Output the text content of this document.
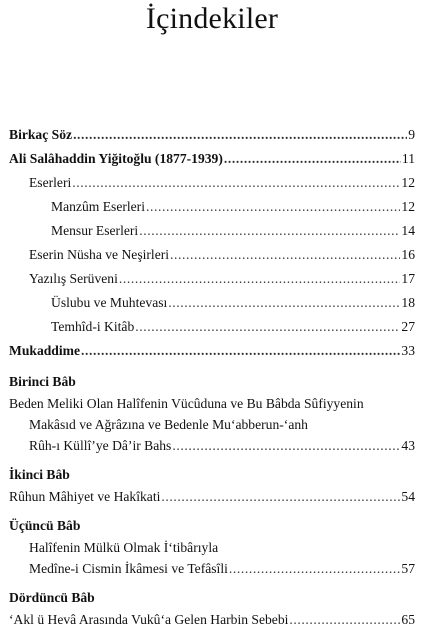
İçindekiler
Birkaç Söz .....	9
Ali Salâhaddin Yiğitoğlu (1877-1939) .....	11
Eserleri .....	12
Manzûm Eserleri .....	12
Mensur Eserleri .....	14
Eserin Nüsha ve Neşirleri .....	16
Yazılış Serüveni .....	17
Üslubu ve Muhtevası .....	18
Temhîd-i Kitâb .....	27
Mukaddime .....	33
Birinci Bâb
Beden Meliki Olan Halîfenin Vücûduna ve Bu Bâbda Sûfiyyenin
Makâsıd ve Ağrâzına ve Bedenle Mu‘abberun-‘anh
Rûh-ı Küllî’ye Dâ’ir Bahs .....	43
İkinci Bâb
Rûhun Mâhiyet ve Hakîkati .....	54
Üçüncü Bâb
Halîfenin Mülkü Olmak İ‘tibârıyla
Medîne-i Cismin İkâmesi ve Tefâsîli .....	57
Dördüncü Bâb
‘Akl ü Hevâ Arasında Vukû‘a Gelen Harbin Sebebi .....	65
